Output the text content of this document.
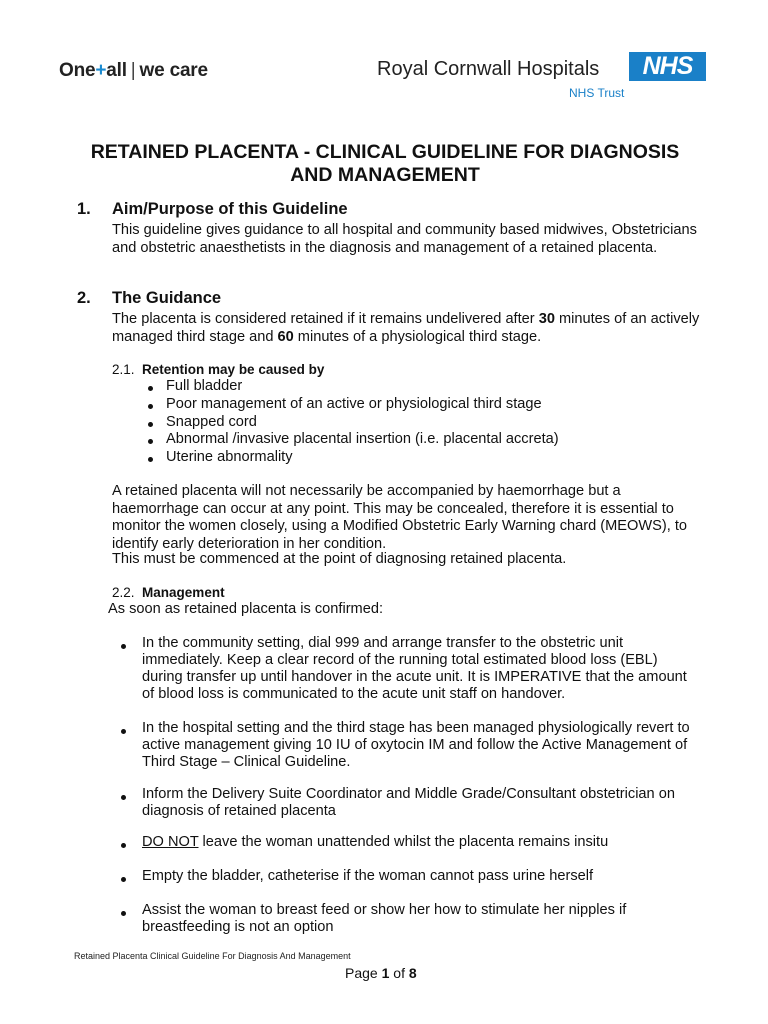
One+all | we care	Royal Cornwall Hospitals	NHS
NHS Trust
RETAINED PLACENTA - CLINICAL GUIDELINE FOR DIAGNOSIS AND MANAGEMENT
1. Aim/Purpose of this Guideline
This guideline gives guidance to all hospital and community based midwives, Obstetricians and obstetric anaesthetists in the diagnosis and management of a retained placenta.
2. The Guidance
The placenta is considered retained if it remains undelivered after 30 minutes of an actively managed third stage and 60 minutes of a physiological third stage.
2.1. Retention may be caused by
Full bladder
Poor management of an active or physiological third stage
Snapped cord
Abnormal /invasive placental insertion (i.e. placental accreta)
Uterine abnormality
A retained placenta will not necessarily be accompanied by haemorrhage but a haemorrhage can occur at any point. This may be concealed, therefore it is essential to monitor the women closely, using a Modified Obstetric Early Warning chard (MEOWS), to identify early deterioration in her condition.
This must be commenced at the point of diagnosing retained placenta.
2.2. Management
As soon as retained placenta is confirmed:
In the community setting, dial 999 and arrange transfer to the obstetric unit immediately. Keep a clear record of the running total estimated blood loss (EBL) during transfer up until handover in the acute unit. It is IMPERATIVE that the amount of blood loss is communicated to the acute unit staff on handover.
In the hospital setting and the third stage has been managed physiologically revert to active management giving 10 IU of oxytocin IM and follow the Active Management of Third Stage – Clinical Guideline.
Inform the Delivery Suite Coordinator and Middle Grade/Consultant obstetrician on diagnosis of retained placenta
DO NOT leave the woman unattended whilst the placenta remains insitu
Empty the bladder, catheterise if the woman cannot pass urine herself
Assist the woman to breast feed or show her how to stimulate her nipples if breastfeeding is not an option
Retained Placenta Clinical Guideline For Diagnosis And Management
Page 1 of 8
